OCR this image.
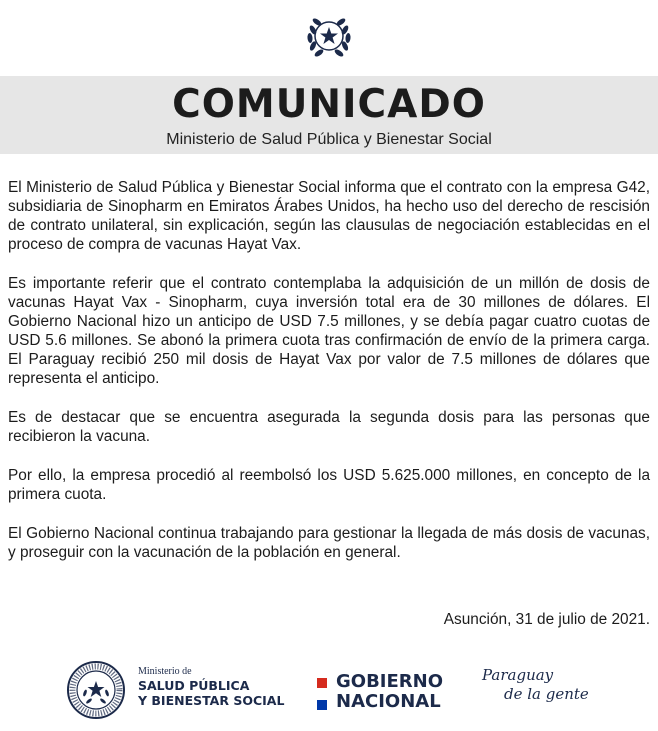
COMUNICADO
Ministerio de Salud Pública y Bienestar Social

El Ministerio de Salud Pública y Bienestar Social informa que el contrato con la empresa G42, subsidiaria de Sinopharm en Emiratos Árabes Unidos, ha hecho uso del derecho de rescisión de contrato unilateral, sin explicación, según las clausulas de negociación establecidas en el proceso de compra de vacunas Hayat Vax.

Es importante referir que el contrato contemplaba la adquisición de un millón de dosis de vacunas Hayat Vax - Sinopharm, cuya inversión total era de 30 millones de dólares. El Gobierno Nacional hizo un anticipo de USD 7.5 millones, y se debía pagar cuatro cuotas de USD 5.6 millones. Se abonó la primera cuota tras confirmación de envío de la primera carga. El Paraguay recibió 250 mil dosis de Hayat Vax por valor de 7.5 millones de dólares que representa el anticipo.

Es de destacar que se encuentra asegurada la segunda dosis para las personas que recibieron la vacuna.

Por ello, la empresa procedió al reembolsó los USD 5.625.000 millones, en concepto de la primera cuota.

El Gobierno Nacional continua trabajando para gestionar la llegada de más dosis de vacunas, y proseguir con la vacunación de la población en general.

Asunción, 31 de julio de 2021.
Ministerio de
SALUD PÚBLICA
Y BIENESTAR SOCIAL
GOBIERNO
NACIONAL
Paraguay
de la gente
